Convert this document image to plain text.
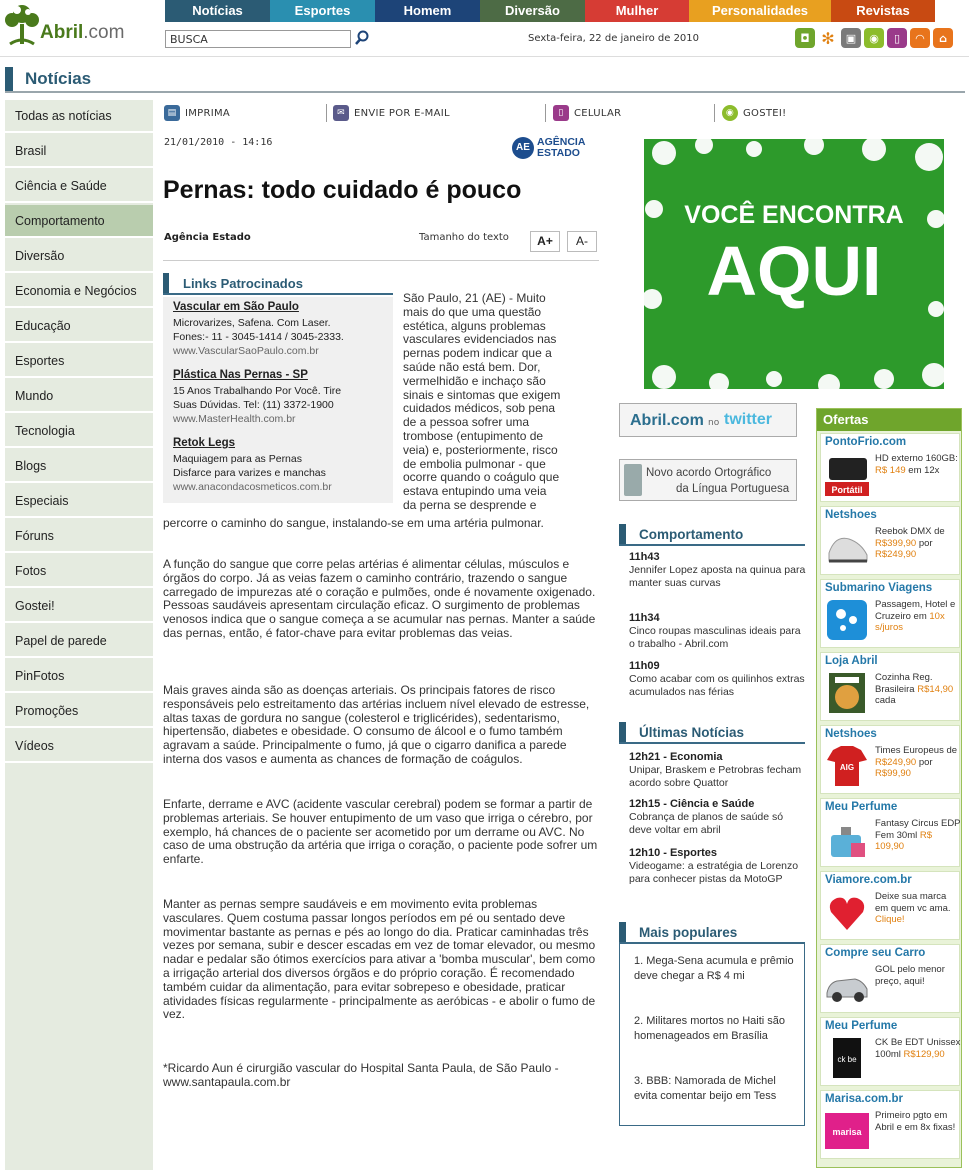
Abril.com
Notícias	Esportes	Homem	Diversão	Mulher	Personalidades	Revistas
BUSCA
Sexta-feira, 22 de janeiro de 2010	◘ ✻	▣	◉	▯	◠	⌂
Notícias
Todas as notícias
Brasil
Ciência e Saúde
Comportamento
Diversão
Economia e Negócios
Educação
Esportes
Mundo
Tecnologia
Blogs
Especiais
Fóruns
Fotos
Gostei!
Papel de parede
PinFotos
Promoções
Vídeos
▤ IMPRIMA	✉ ENVIE POR E-MAIL	▯	CELULAR	◉ GOSTEI!
21/01/2010 - 14:16	AE AGÊNCIA
ESTADO
Pernas: todo cuidado é pouco
Agência Estado	Tamanho do texto	A+	A-
Links Patrocinados
Vascular em São Paulo
Microvarizes, Safena. Com Laser.
Fones:- 11 - 3045-1414 / 3045-2333.
www.VascularSaoPaulo.com.br
Plástica Nas Pernas - SP
15 Anos Trabalhando Por Você. Tire
Suas Dúvidas. Tel: (11) 3372-1900
www.MasterHealth.com.br
Retok Legs
Maquiagem para as Pernas
Disfarce para varizes e manchas
www.anacondacosmeticos.com.br
São Paulo, 21 (AE) - Muito
mais do que uma questão
estética, alguns problemas
vasculares evidenciados nas
pernas podem indicar que a
saúde não está bem. Dor,
vermelhidão e inchaço são
sinais e sintomas que exigem
cuidados médicos, sob pena
de a pessoa sofrer uma
trombose (entupimento de
veia) e, posteriormente, risco
de embolia pulmonar - que
ocorre quando o coágulo que
estava entupindo uma veia
da perna se desprende e
percorre o caminho do sangue, instalando-se em uma artéria pulmonar.
A função do sangue que corre pelas artérias é alimentar células, músculos e órgãos do corpo. Já as veias fazem o caminho contrário, trazendo o sangue carregado de impurezas até o coração e pulmões, onde é novamente oxigenado. Pessoas saudáveis apresentam circulação eficaz. O surgimento de problemas venosos indica que o sangue começa a se acumular nas pernas. Manter a saúde das pernas, então, é fator-chave para evitar problemas das veias.
Mais graves ainda são as doenças arteriais. Os principais fatores de risco responsáveis pelo estreitamento das artérias incluem nível elevado de estresse, altas taxas de gordura no sangue (colesterol e triglicérides), sedentarismo, hipertensão, diabetes e obesidade. O consumo de álcool e o fumo também agravam a saúde. Principalmente o fumo, já que o cigarro danifica a parede interna dos vasos e aumenta as chances de formação de coágulos.
Enfarte, derrame e AVC (acidente vascular cerebral) podem se formar a partir de problemas arteriais. Se houver entupimento de um vaso que irriga o cérebro, por exemplo, há chances de o paciente ser acometido por um derrame ou AVC. No caso de uma obstrução da artéria que irriga o coração, o paciente pode sofrer um enfarte.
Manter as pernas sempre saudáveis e em movimento evita problemas vasculares. Quem costuma passar longos períodos em pé ou sentado deve movimentar bastante as pernas e pés ao longo do dia. Praticar caminhadas três vezes por semana, subir e descer escadas em vez de tomar elevador, ou mesmo nadar e pedalar são ótimos exercícios para ativar a 'bomba muscular', bem como a irrigação arterial dos diversos órgãos e do próprio coração. É recomendado também cuidar da alimentação, para evitar sobrepeso e obesidade, praticar atividades físicas regularmente - principalmente as aeróbicas - e abolir o fumo de vez.
*Ricardo Aun é cirurgião vascular do Hospital Santa Paula, de São Paulo - www.santapaula.com.br
VOCÊ ENCONTRA
AQUI
Abril.com no twitter
Novo acordo Ortográfico
da Língua Portuguesa
Comportamento
11h43
Jennifer Lopez aposta na quinua para manter suas curvas
11h34
Cinco roupas masculinas ideais para o trabalho - Abril.com
11h09
Como acabar com os quilinhos extras acumulados nas férias
Últimas Notícias
12h21 - Economia
Unipar, Braskem e Petrobras fecham acordo sobre Quattor
12h15 - Ciência e Saúde
Cobrança de planos de saúde só deve voltar em abril
12h10 - Esportes
Videogame: a estratégia de Lorenzo para conhecer pistas da MotoGP
Mais populares
1. Mega-Sena acumula e prêmio deve chegar a R$ 4 mi
2. Militares mortos no Haiti são homenageados em Brasília
3. BBB: Namorada de Michel evita comentar beijo em Tess
Ofertas
PontoFrio.com
Portátil
HD externo 160GB: R$ 149 em 12x
Netshoes
Reebok DMX de R$399,90 por R$249,90
Submarino Viagens
Passagem, Hotel e Cruzeiro em 10x s/juros
Loja Abril
Cozinha Reg. Brasileira R$14,90 cada
Netshoes
AIG
Times Europeus de R$249,90 por R$99,90
Meu Perfume
Fantasy Circus EDP Fem 30ml R$ 109,90
Viamore.com.br
Deixe sua marca em quem vc ama. Clique!
Compre seu Carro
GOL pelo menor preço, aqui!
Meu Perfume
ck be
CK Be EDT Unissex 100ml R$129,90
Marisa.com.br
marisa
Primeiro pgto em Abril e em 8x fixas!
